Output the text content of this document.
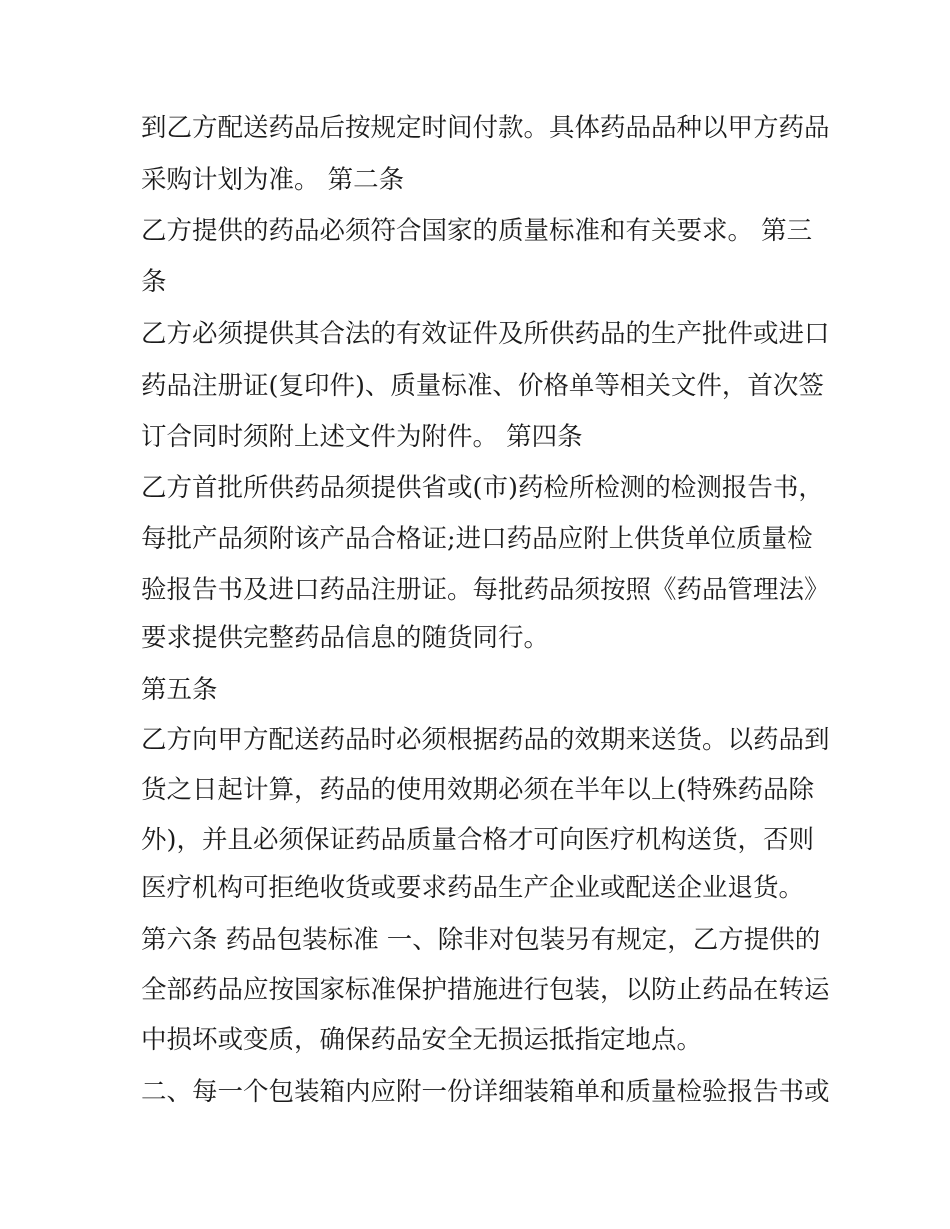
到乙方配送药品后按规定时间付款。具体药品品种以甲方药品
采购计划为准。 第二条
乙方提供的药品必须符合国家的质量标准和有关要求。 第三
条
乙方必须提供其合法的有效证件及所供药品的生产批件或进口
药品注册证(复印件)、质量标准、价格单等相关文件，首次签
订合同时须附上述文件为附件。 第四条
乙方首批所供药品须提供省或(市)药检所检测的检测报告书，
每批产品须附该产品合格证;进口药品应附上供货单位质量检
验报告书及进口药品注册证。每批药品须按照《药品管理法》
要求提供完整药品信息的随货同行。
第五条
乙方向甲方配送药品时必须根据药品的效期来送货。以药品到
货之日起计算，药品的使用效期必须在半年以上(特殊药品除
外)，并且必须保证药品质量合格才可向医疗机构送货，否则
医疗机构可拒绝收货或要求药品生产企业或配送企业退货。
第六条 药品包装标准 一、除非对包装另有规定，乙方提供的
全部药品应按国家标准保护措施进行包装，以防止药品在转运
中损坏或变质，确保药品安全无损运抵指定地点。
二、每一个包装箱内应附一份详细装箱单和质量检验报告书或
